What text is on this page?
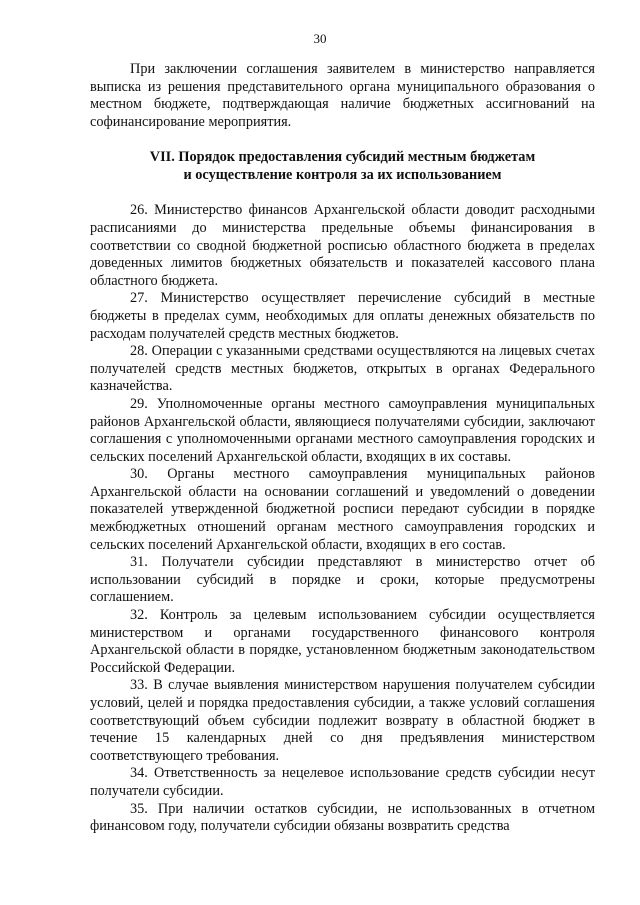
30

При заключении соглашения заявителем в министерство направляется выписка из решения представительного органа муниципального образования о местном бюджете, подтверждающая наличие бюджетных ассигнований на софинансирование мероприятия.

VII. Порядок предоставления субсидий местным бюджетам
и осуществление контроля за их использованием

26. Министерство финансов Архангельской области доводит расходными расписаниями до министерства предельные объемы финансирования в соответствии со сводной бюджетной росписью областного бюджета в пределах доведенных лимитов бюджетных обязательств и показателей кассового плана областного бюджета.

27. Министерство осуществляет перечисление субсидий в местные бюджеты в пределах сумм, необходимых для оплаты денежных обязательств по расходам получателей средств местных бюджетов.

28. Операции с указанными средствами осуществляются на лицевых счетах получателей средств местных бюджетов, открытых в органах Федерального казначейства.

29. Уполномоченные органы местного самоуправления муниципальных районов Архангельской области, являющиеся получателями субсидии, заключают соглашения с уполномоченными органами местного самоуправления городских и сельских поселений Архангельской области, входящих в их составы.

30. Органы местного самоуправления муниципальных районов Архангельской области на основании соглашений и уведомлений о доведении показателей утвержденной бюджетной росписи передают субсидии в порядке межбюджетных отношений органам местного самоуправления городских и сельских поселений Архангельской области, входящих в его состав.

31. Получатели субсидии представляют в министерство отчет об использовании субсидий в порядке и сроки, которые предусмотрены соглашением.

32. Контроль за целевым использованием субсидии осуществляется министерством и органами государственного финансового контроля Архангельской области в порядке, установленном бюджетным законодательством Российской Федерации.

33. В случае выявления министерством нарушения получателем субсидии условий, целей и порядка предоставления субсидии, а также условий соглашения соответствующий объем субсидии подлежит возврату в областной бюджет в течение 15 календарных дней со дня предъявления министерством соответствующего требования.

34. Ответственность за нецелевое использование средств субсидии несут получатели субсидии.

35. При наличии остатков субсидии, не использованных в отчетном финансовом году, получатели субсидии обязаны возвратить средства
